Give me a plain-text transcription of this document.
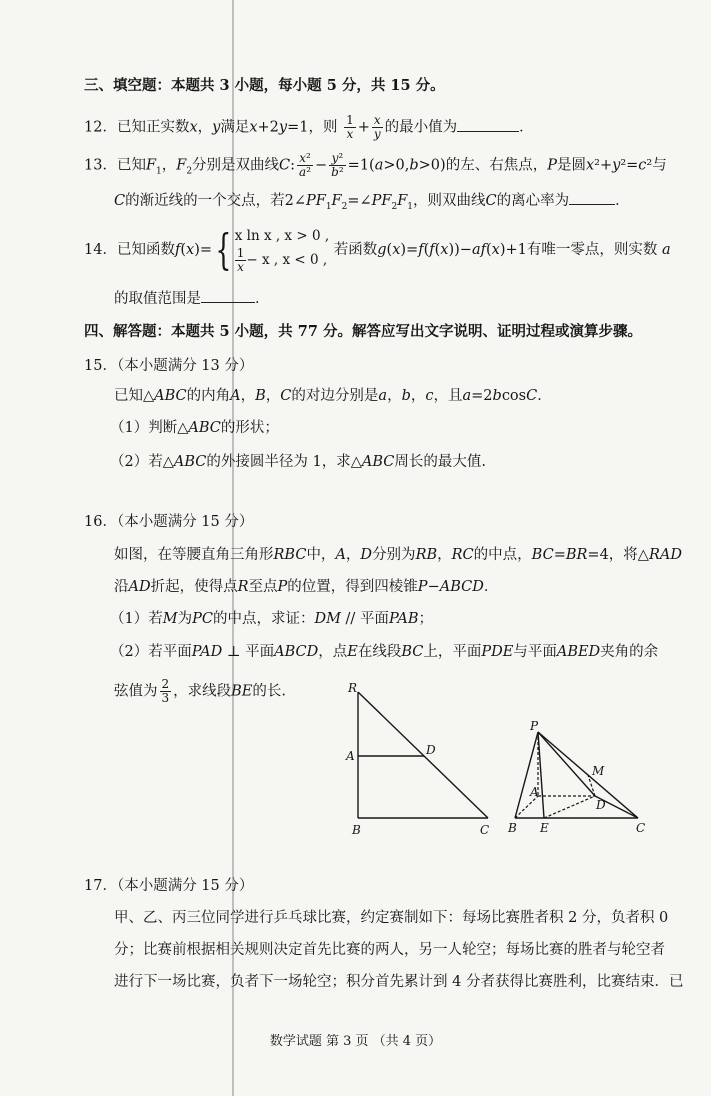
三、填空题：本题共 3 小题，每小题 5 分，共 15 分。
12．已知正实数x，y满足x+2y=1，则 $\frac{1}{x} + \frac{x}{y}$ 的最小值为	．
13．已知$F_1$，$F_2$分别是双曲线C: $\frac{\text{x²}}{\text{a²}} - \frac{\text{y²}}{\text{b²}} =1(a>0,b>0)$的左、右焦点，P是圆x²+y²=c²与
C的渐近线的一个交点，若$2\angle PF_1F_2=\angle PF_2F_1$，则双曲线C的离心率为	．
14．已知函数f(x)={ x ln x , x > 0 ,
$\frac{1}{x} - x$ , x < 0 ,
若函数g(x)=f(f(x))−af(x)+1有唯一零点，则实数 a
的取值范围是	．
四、解答题：本题共 5 小题，共 77 分。解答应写出文字说明、证明过程或演算步骤。
15．（本小题满分 13 分）
已知△ABC的内角A，B，C的对边分别是a，b，c，且a=2bcosC．
（1）判断△ABC的形状；
（2）若△ABC的外接圆半径为 1，求△ABC周长的最大值.
16．（本小题满分 15 分）
如图，在等腰直角三角形RBC中，A，D分别为RB，RC的中点，BC=BR=4，将△RAD
沿AD折起，使得点R至点P的位置，得到四棱锥P−ABCD．
（1）若M为PC的中点，求证：DM // 平面PAB；
（2）若平面PAD ⊥ 平面ABCD，点E在线段BC上，平面PDE与平面ABED夹角的余
弦值为 $\frac{2}{3}$ ，求线段BE的长.	R
A	D
B	C
P
M
A
D
B E	C
17．（本小题满分 15 分）
甲、乙、丙三位同学进行乒乓球比赛，约定赛制如下：每场比赛胜者积 2 分，负者积 0
分；比赛前根据相关规则决定首先比赛的两人，另一人轮空；每场比赛的胜者与轮空者
进行下一场比赛，负者下一场轮空；积分首先累计到 4 分者获得比赛胜利，比赛结束．已
数学试题 第 3 页 （共 4 页）
